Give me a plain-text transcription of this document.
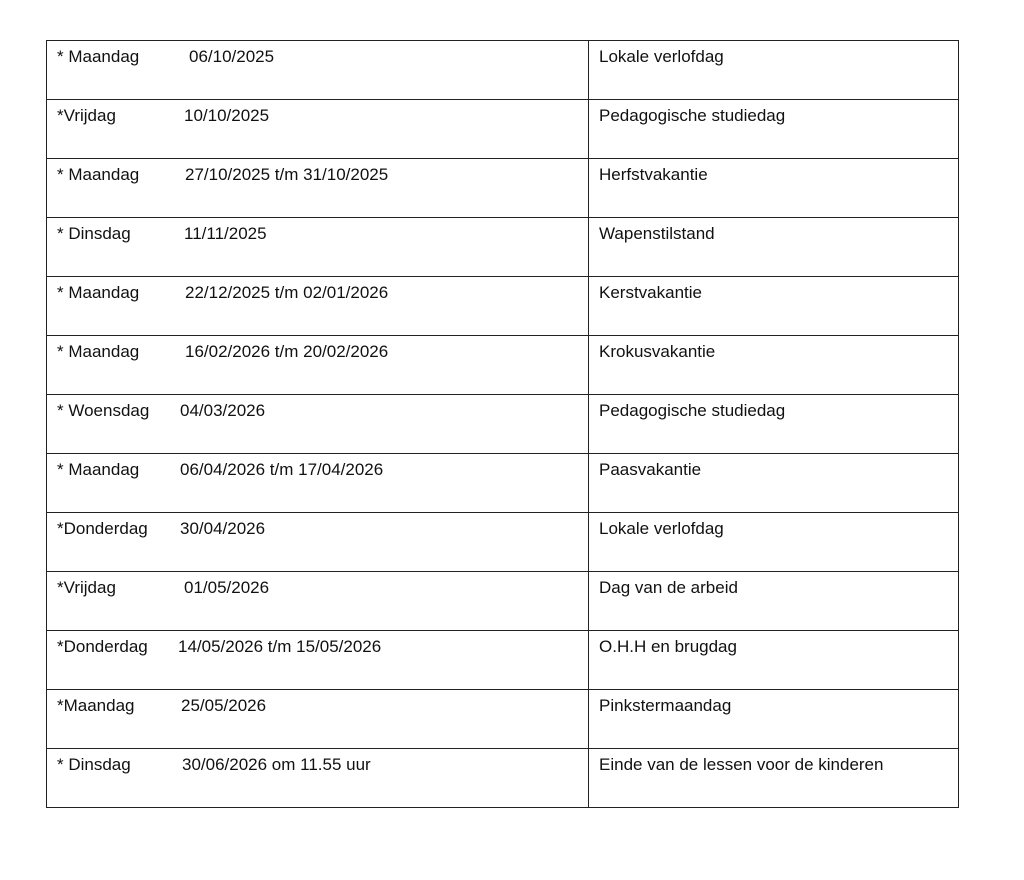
* Maandag 06/10/2025	Lokale verlofdag
*Vrijdag 10/10/2025	Pedagogische studiedag
* Maandag 27/10/2025 t/m 31/10/2025	Herfstvakantie
* Dinsdag 11/11/2025	Wapenstilstand
* Maandag 22/12/2025 t/m 02/01/2026	Kerstvakantie
* Maandag 16/02/2026 t/m 20/02/2026	Krokusvakantie
* Woensdag 04/03/2026	Pedagogische studiedag
* Maandag 06/04/2026 t/m 17/04/2026	Paasvakantie
*Donderdag 30/04/2026	Lokale verlofdag
*Vrijdag 01/05/2026	Dag van de arbeid
*Donderdag 14/05/2026 t/m 15/05/2026	O.H.H en brugdag
*Maandag 25/05/2026	Pinkstermaandag
* Dinsdag 30/06/2026 om 11.55 uur	Einde van de lessen voor de kinderen
